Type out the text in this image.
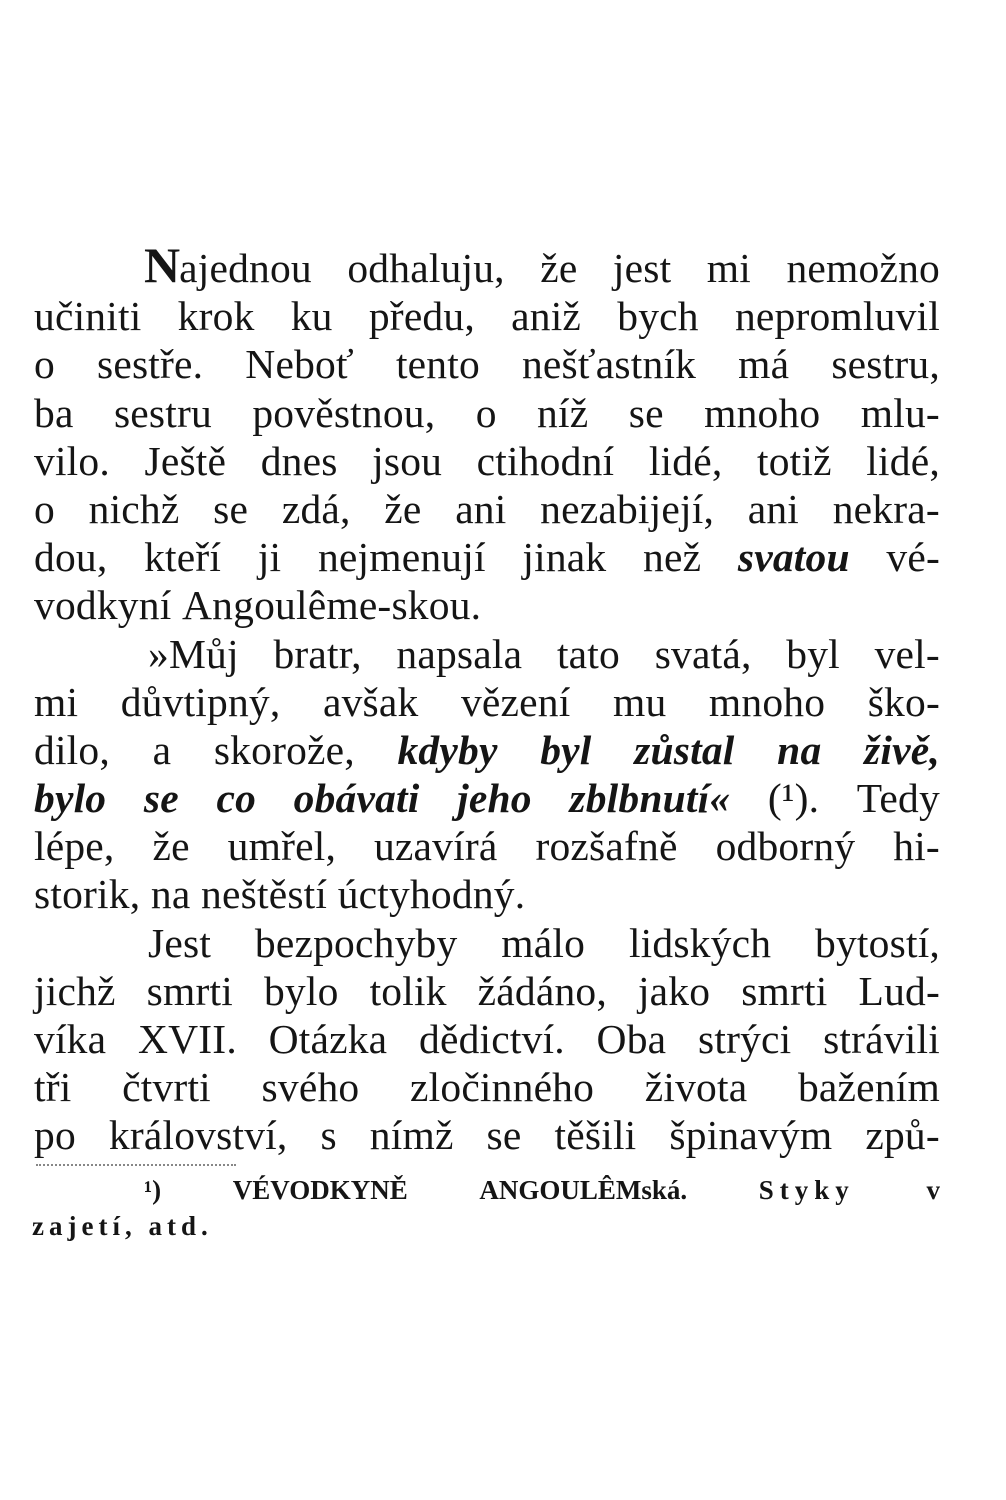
Najednou odhaluju, že jest mi nemožno
učiniti krok ku předu, aniž bych nepromluvil
o sestře. Neboť tento nešťastník má sestru,
ba sestru pověstnou, o níž se mnoho mlu-
vilo. Ještě dnes jsou ctihodní lidé, totiž lidé,
o nichž se zdá, že ani nezabijejí, ani nekra-
dou, kteří ji nejmenují jinak než svatou vé-
vodkyní
Angoulême-skou.
»Můj bratr, napsala tato svatá, byl vel-
mi důvtipný, avšak vězení mu mnoho ško-
dilo, a skorože, kdyby byl zůstal na živě,
bylo se co obávati jeho zblbnutí« (¹). Tedy
lépe, že umřel, uzavírá rozšafně odborný hi-
storik,
na
neštěstí
úctyhodný.
Jest bezpochyby málo lidských bytostí,
jichž smrti bylo tolik žádáno, jako smrti Lud-
víka XVII. Otázka dědictví. Oba strýci strávili
tři čtvrti svého zločinného života bažením
po království, s nímž se těšili špinavým způ-
¹)	VÉVODKYNĚ	ANGOULÊMská.	Styky	v
zajetí, atd.
